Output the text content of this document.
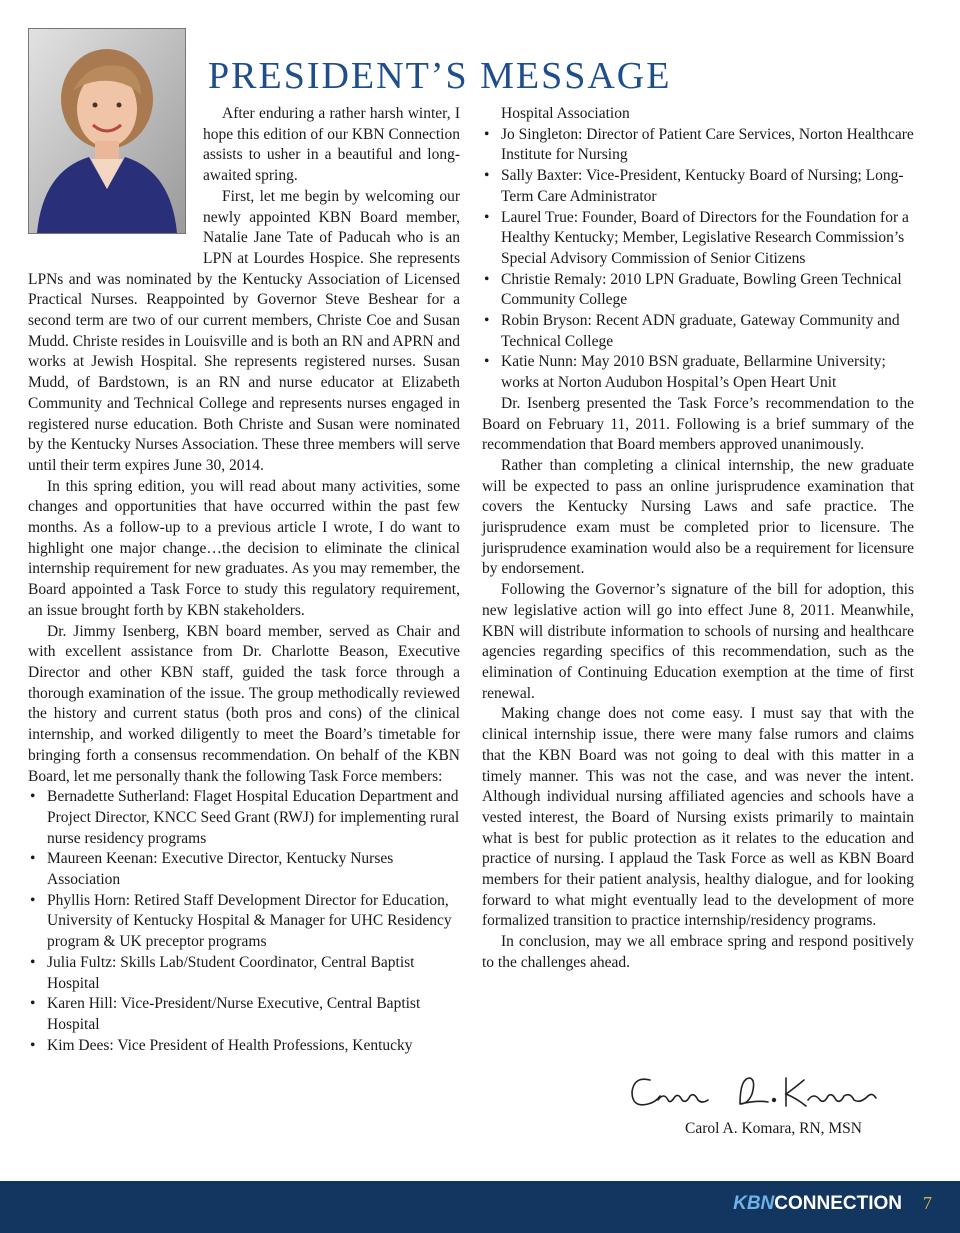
PRESIDENT’S MESSAGE

After enduring a rather harsh winter, I hope this edition of our KBN Connection assists to usher in a beautiful and long-awaited spring.

First, let me begin by welcoming our newly appointed KBN Board member, Natalie Jane Tate of Paducah who is an LPN at Lourdes Hospice. She represents LPNs and was nominated by the Kentucky Association of Licensed Practical Nurses. Reappointed by Governor Steve Beshear for a second term are two of our current members, Christe Coe and Susan Mudd. Christe resides in Louisville and is both an RN and APRN and works at Jewish Hospital. She represents registered nurses. Susan Mudd, of Bardstown, is an RN and nurse educator at Elizabeth Community and Technical College and represents nurses engaged in registered nurse education. Both Christe and Susan were nominated by the Kentucky Nurses Association. These three members will serve until their term expires June 30, 2014.

In this spring edition, you will read about many activities, some changes and opportunities that have occurred within the past few months. As a follow-up to a previous article I wrote, I do want to highlight one major change…the decision to eliminate the clinical internship requirement for new graduates. As you may remember, the Board appointed a Task Force to study this regulatory requirement, an issue brought forth by KBN stakeholders.

Dr. Jimmy Isenberg, KBN board member, served as Chair and with excellent assistance from Dr. Charlotte Beason, Executive Director and other KBN staff, guided the task force through a thorough examination of the issue. The group methodically reviewed the history and current status (both pros and cons) of the clinical internship, and worked diligently to meet the Board’s timetable for bringing forth a consensus recommendation. On behalf of the KBN Board, let me personally thank the following Task Force members:

• Bernadette Sutherland: Flaget Hospital Education Department and Project Director, KNCC Seed Grant (RWJ) for implementing rural nurse residency programs
• Maureen Keenan: Executive Director, Kentucky Nurses Association
• Phyllis Horn: Retired Staff Development Director for Education, University of Kentucky Hospital & Manager for UHC Residency program & UK preceptor programs
• Julia Fultz: Skills Lab/Student Coordinator, Central Baptist Hospital
• Karen Hill: Vice-President/Nurse Executive, Central Baptist Hospital
• Kim Dees: Vice President of Health Professions, Kentucky
Hospital Association
• Jo Singleton: Director of Patient Care Services, Norton Healthcare Institute for Nursing
• Sally Baxter: Vice-President, Kentucky Board of Nursing; Long-Term Care Administrator
• Laurel True: Founder, Board of Directors for the Foundation for a Healthy Kentucky; Member, Legislative Research Commission’s Special Advisory Commission of Senior Citizens
• Christie Remaly: 2010 LPN Graduate, Bowling Green Technical Community College
• Robin Bryson: Recent ADN graduate, Gateway Community and Technical College
• Katie Nunn: May 2010 BSN graduate, Bellarmine University; works at Norton Audubon Hospital’s Open Heart Unit

Dr. Isenberg presented the Task Force’s recommendation to the Board on February 11, 2011. Following is a brief summary of the recommendation that Board members approved unanimously.

Rather than completing a clinical internship, the new graduate will be expected to pass an online jurisprudence examination that covers the Kentucky Nursing Laws and safe practice. The jurisprudence exam must be completed prior to licensure. The jurisprudence examination would also be a requirement for licensure by endorsement.

Following the Governor’s signature of the bill for adoption, this new legislative action will go into effect June 8, 2011. Meanwhile, KBN will distribute information to schools of nursing and healthcare agencies regarding specifics of this recommendation, such as the elimination of Continuing Education exemption at the time of first renewal.

Making change does not come easy. I must say that with the clinical internship issue, there were many false rumors and claims that the KBN Board was not going to deal with this matter in a timely manner. This was not the case, and was never the intent. Although individual nursing affiliated agencies and schools have a vested interest, the Board of Nursing exists primarily to maintain what is best for public protection as it relates to the education and practice of nursing. I applaud the Task Force as well as KBN Board members for their patient analysis, healthy dialogue, and for looking forward to what might eventually lead to the development of more formalized transition to practice internship/residency programs.

In conclusion, may we all embrace spring and respond positively to the challenges ahead.

Carol A. Komara, RN, MSN
KBNCONNECTION 7
